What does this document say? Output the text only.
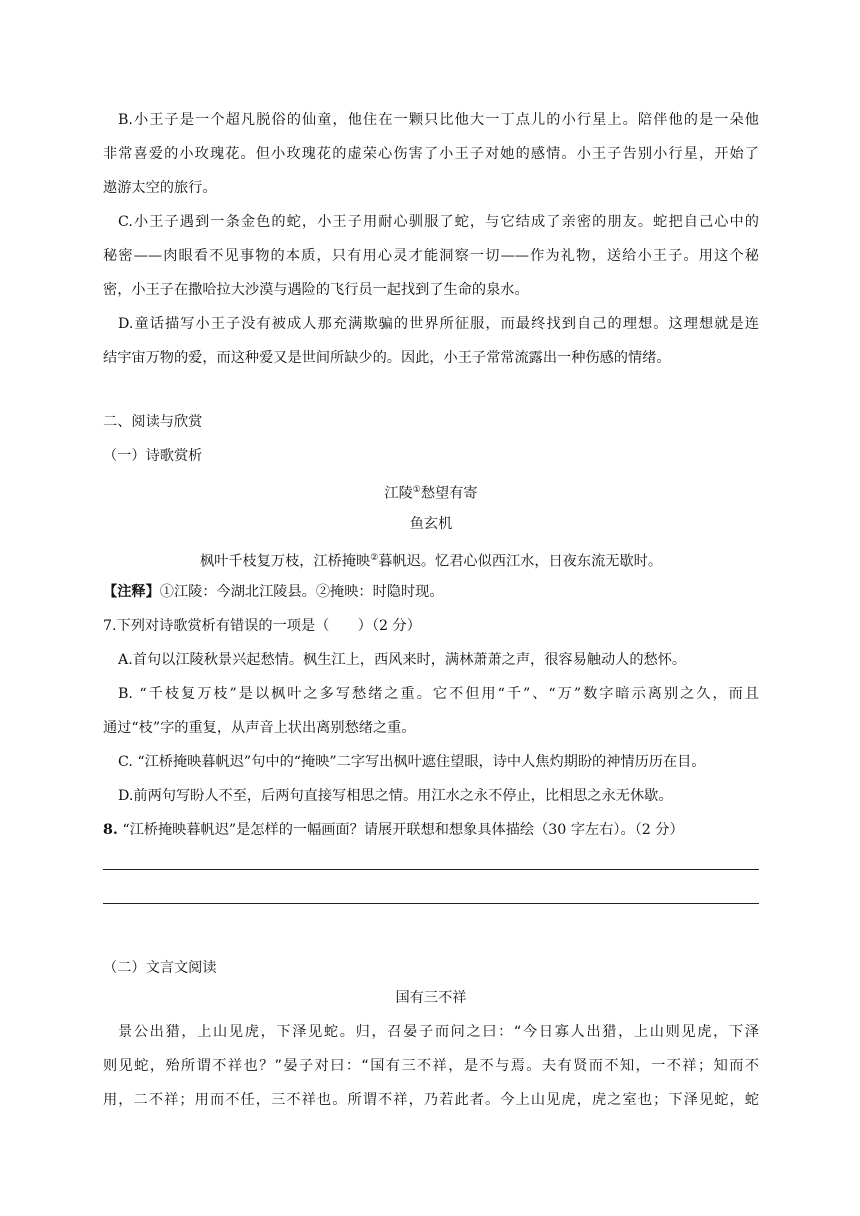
B.小王子是一个超凡脱俗的仙童，他住在一颗只比他大一丁点儿的小行星上。陪伴他的是一朵他
非常喜爱的小玫瑰花。但小玫瑰花的虚荣心伤害了小王子对她的感情。小王子告别小行星，开始了
遨游太空的旅行。
C.小王子遇到一条金色的蛇，小王子用耐心驯服了蛇，与它结成了亲密的朋友。蛇把自己心中的
秘密——肉眼看不见事物的本质，只有用心灵才能洞察一切——作为礼物，送给小王子。用这个秘
密，小王子在撒哈拉大沙漠与遇险的飞行员一起找到了生命的泉水。
D.童话描写小王子没有被成人那充满欺骗的世界所征服，而最终找到自己的理想。这理想就是连
结宇宙万物的爱，而这种爱又是世间所缺少的。因此，小王子常常流露出一种伤感的情绪。
二、阅读与欣赏
（一）诗歌赏析
江陵①愁望有寄
鱼玄机
枫叶千枝复万枝，江桥掩映②暮帆迟。忆君心似西江水，日夜东流无歇时。
【注释】①江陵：今湖北江陵县。②掩映：时隐时现。
7.下列对诗歌赏析有错误的一项是（　　）（2 分）
A.首句以江陵秋景兴起愁情。枫生江上，西风来时，满林萧萧之声，很容易触动人的愁怀。
B. “千枝复万枝”是以枫叶之多写愁绪之重。它不但用“千”、“万”数字暗示离别之久，而且
通过“枝”字的重复，从声音上状出离别愁绪之重。
C. “江桥掩映暮帆迟”句中的“掩映”二字写出枫叶遮住望眼，诗中人焦灼期盼的神情历历在目。
D.前两句写盼人不至，后两句直接写相思之情。用江水之永不停止，比相思之永无休歇。
8. “江桥掩映暮帆迟”是怎样的一幅画面？请展开联想和想象具体描绘（30 字左右）。（2 分）
（二）文言文阅读
国有三不祥
景公出猎，上山见虎，下泽见蛇。归，召晏子而问之曰：“今日寡人出猎，上山则见虎，下泽
则见蛇，殆所谓不祥也？”晏子对曰：“国有三不祥，是不与焉。夫有贤而不知，一不祥；知而不
用，二不祥；用而不任，三不祥也。所谓不祥，乃若此者。今上山见虎，虎之室也；下泽见蛇，蛇
